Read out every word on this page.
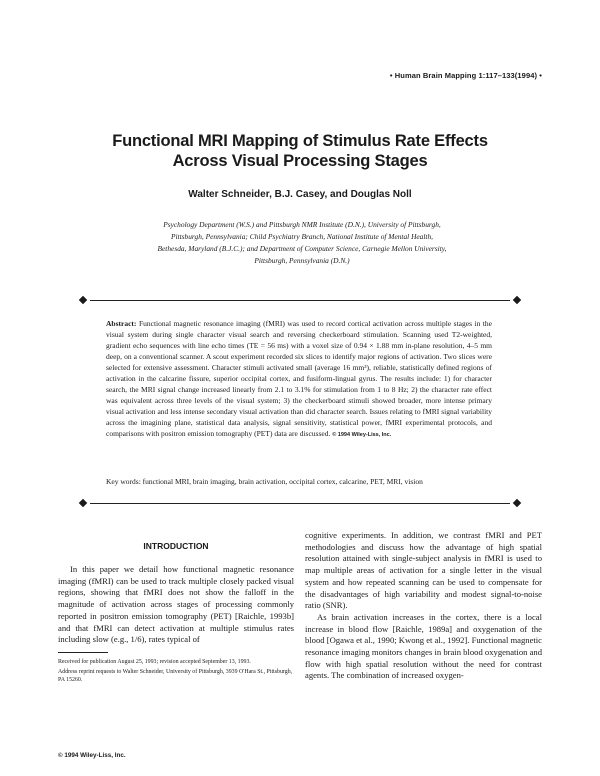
• Human Brain Mapping 1:117–133(1994) •
Functional MRI Mapping of Stimulus Rate Effects
Across Visual Processing Stages
Walter Schneider, B.J. Casey, and Douglas Noll
Psychology Department (W.S.) and Pittsburgh NMR Institute (D.N.), University of Pittsburgh,
Pittsburgh, Pennsylvania; Child Psychiatry Branch, National Institute of Mental Health,
Bethesda, Maryland (B.J.C.); and Department of Computer Science, Carnegie Mellon University,
Pittsburgh, Pennsylvania (D.N.)
Abstract: Functional magnetic resonance imaging (fMRI) was used to record cortical activation across multiple stages in the visual system during single character visual search and reversing checkerboard stimulation. Scanning used T2-weighted, gradient echo sequences with line echo times (TE = 56 ms) with a voxel size of 0.94 × 1.88 mm in-plane resolution, 4–5 mm deep, on a conventional scanner. A scout experiment recorded six slices to identify major regions of activation. Two slices were selected for extensive assessment. Character stimuli activated small (average 16 mm³), reliable, statistically defined regions of activation in the calcarine fissure, superior occipital cortex, and fusiform-lingual gyrus. The results include: 1) for character search, the MRI signal change increased linearly from 2.1 to 3.1% for stimulation from 1 to 8 Hz; 2) the character rate effect was equivalent across three levels of the visual system; 3) the checkerboard stimuli showed broader, more intense primary visual activation and less intense secondary visual activation than did character search. Issues relating to fMRI signal variability across the imagining plane, statistical data analysis, signal sensitivity, statistical power, fMRI experimental protocols, and comparisons with positron emission tomography (PET) data are discussed. © 1994 Wiley-Liss, Inc.
Key words: functional MRI, brain imaging, brain activation, occipital cortex, calcarine, PET, MRI, vision
INTRODUCTION

In this paper we detail how functional magnetic resonance imaging (fMRI) can be used to track multiple closely packed visual regions, showing that fMRI does not show the falloff in the magnitude of activation across stages of processing commonly reported in positron emission tomography (PET) [Raichle, 1993b] and that fMRI can detect activation at multiple stimulus rates including slow (e.g., 1/6), rates typical of

Received for publication August 25, 1993; revision accepted September 13, 1993.

Address reprint requests to Walter Schneider, University of Pittsburgh, 3939 O'Hara St., Pittsburgh, PA 15260.

cognitive experiments. In addition, we contrast fMRI and PET methodologies and discuss how the advantage of high spatial resolution attained with single-subject analysis in fMRI is used to map multiple areas of activation for a single letter in the visual system and how repeated scanning can be used to compensate for the disadvantages of high variability and modest signal-to-noise ratio (SNR).

As brain activation increases in the cortex, there is a local increase in blood flow [Raichle, 1989a] and oxygenation of the blood [Ogawa et al., 1990; Kwong et al., 1992]. Functional magnetic resonance imaging monitors changes in brain blood oxygenation and flow with high spatial resolution without the need for contrast agents. The combination of increased oxygen-

© 1994 Wiley-Liss, Inc.
